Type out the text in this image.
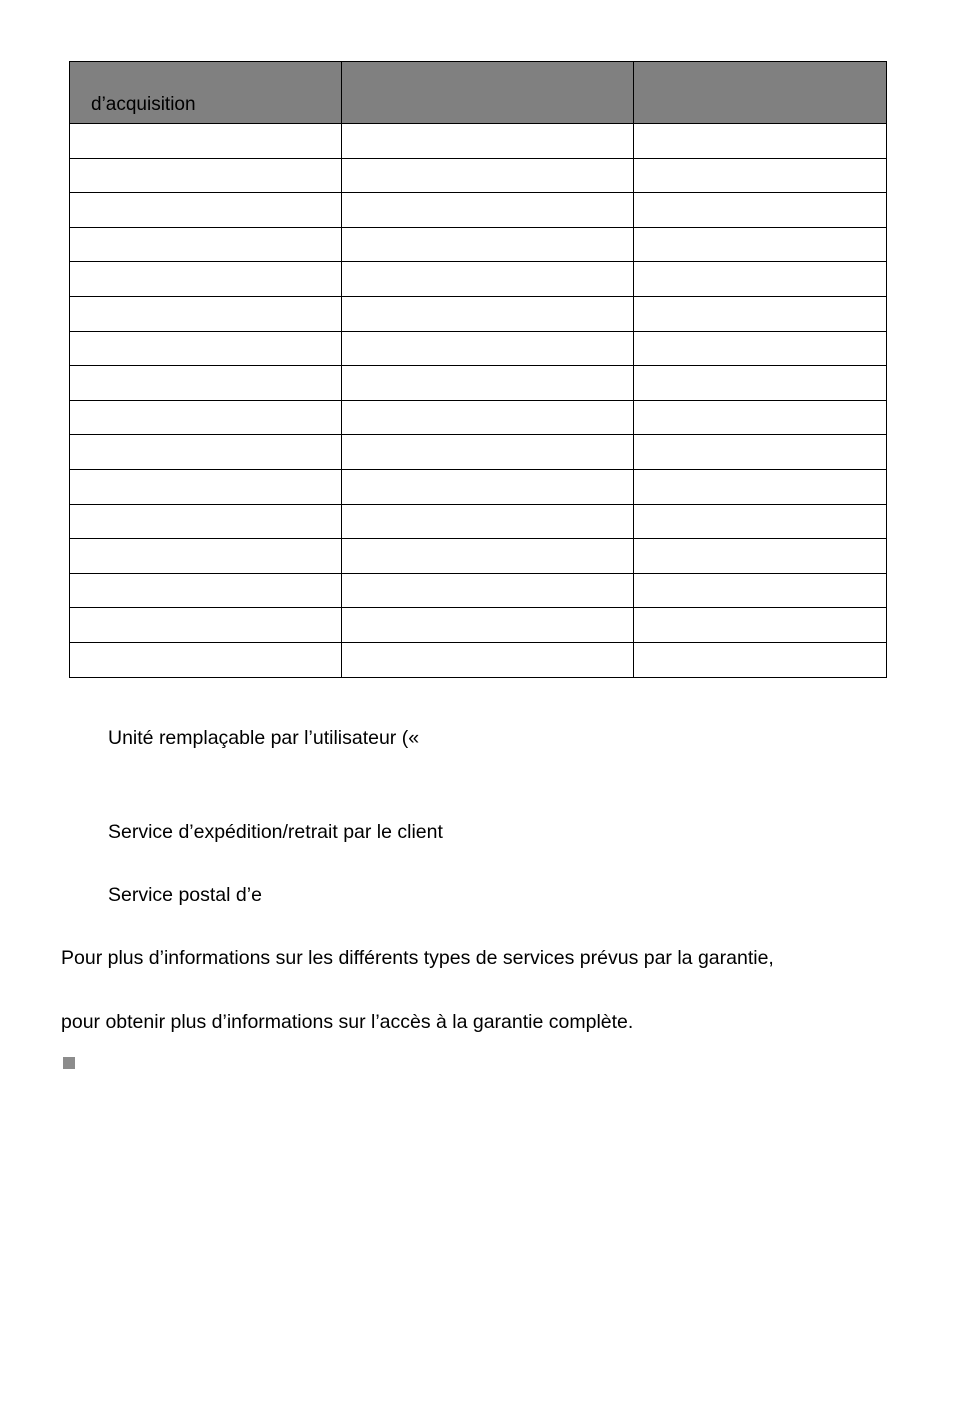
d’acquisition		

Unité remplaçable par l’utilisateur («
Service d’expédition/retrait par le client
Service postal d’e
Pour plus d’informations sur les différents types de services prévus par la garantie,
pour obtenir plus d’informations sur l’accès à la garantie complète.
